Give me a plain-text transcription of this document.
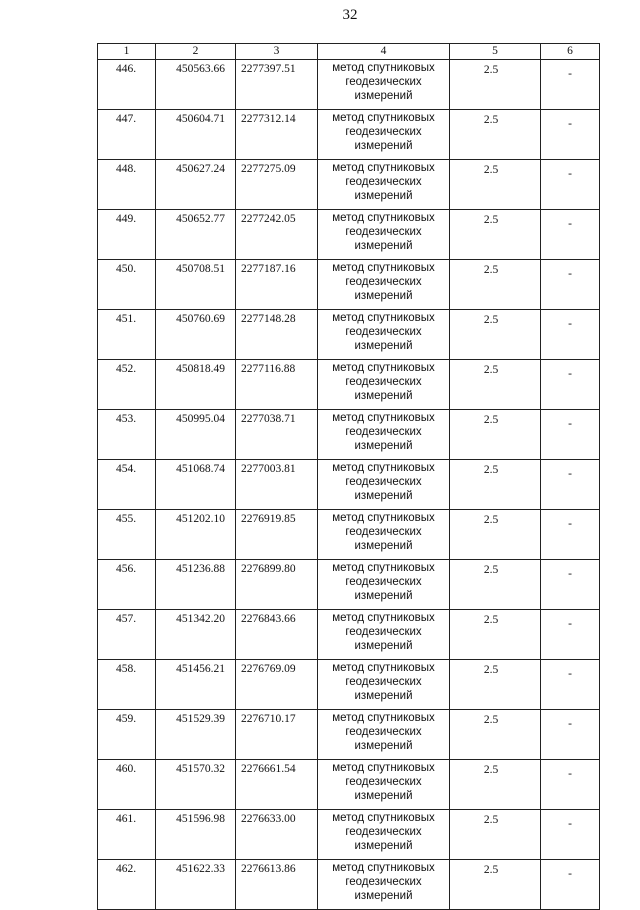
32
1	2	3	4	5	6
446.	450563.66	2277397.51	метод спутниковых геодезических измерений	2.5	-
447.	450604.71	2277312.14	метод спутниковых геодезических измерений	2.5	-
448.	450627.24	2277275.09	метод спутниковых геодезических измерений	2.5	-
449.	450652.77	2277242.05	метод спутниковых геодезических измерений	2.5	-
450.	450708.51	2277187.16	метод спутниковых геодезических измерений	2.5	-
451.	450760.69	2277148.28	метод спутниковых геодезических измерений	2.5	-
452.	450818.49	2277116.88	метод спутниковых геодезических измерений	2.5	-
453.	450995.04	2277038.71	метод спутниковых геодезических измерений	2.5	-
454.	451068.74	2277003.81	метод спутниковых геодезических измерений	2.5	-
455.	451202.10	2276919.85	метод спутниковых геодезических измерений	2.5	-
456.	451236.88	2276899.80	метод спутниковых геодезических измерений	2.5	-
457.	451342.20	2276843.66	метод спутниковых геодезических измерений	2.5	-
458.	451456.21	2276769.09	метод спутниковых геодезических измерений	2.5	-
459.	451529.39	2276710.17	метод спутниковых геодезических измерений	2.5	-
460.	451570.32	2276661.54	метод спутниковых геодезических измерений	2.5	-
461.	451596.98	2276633.00	метод спутниковых геодезических измерений	2.5	-
462.	451622.33	2276613.86	метод спутниковых геодезических измерений	2.5	-
